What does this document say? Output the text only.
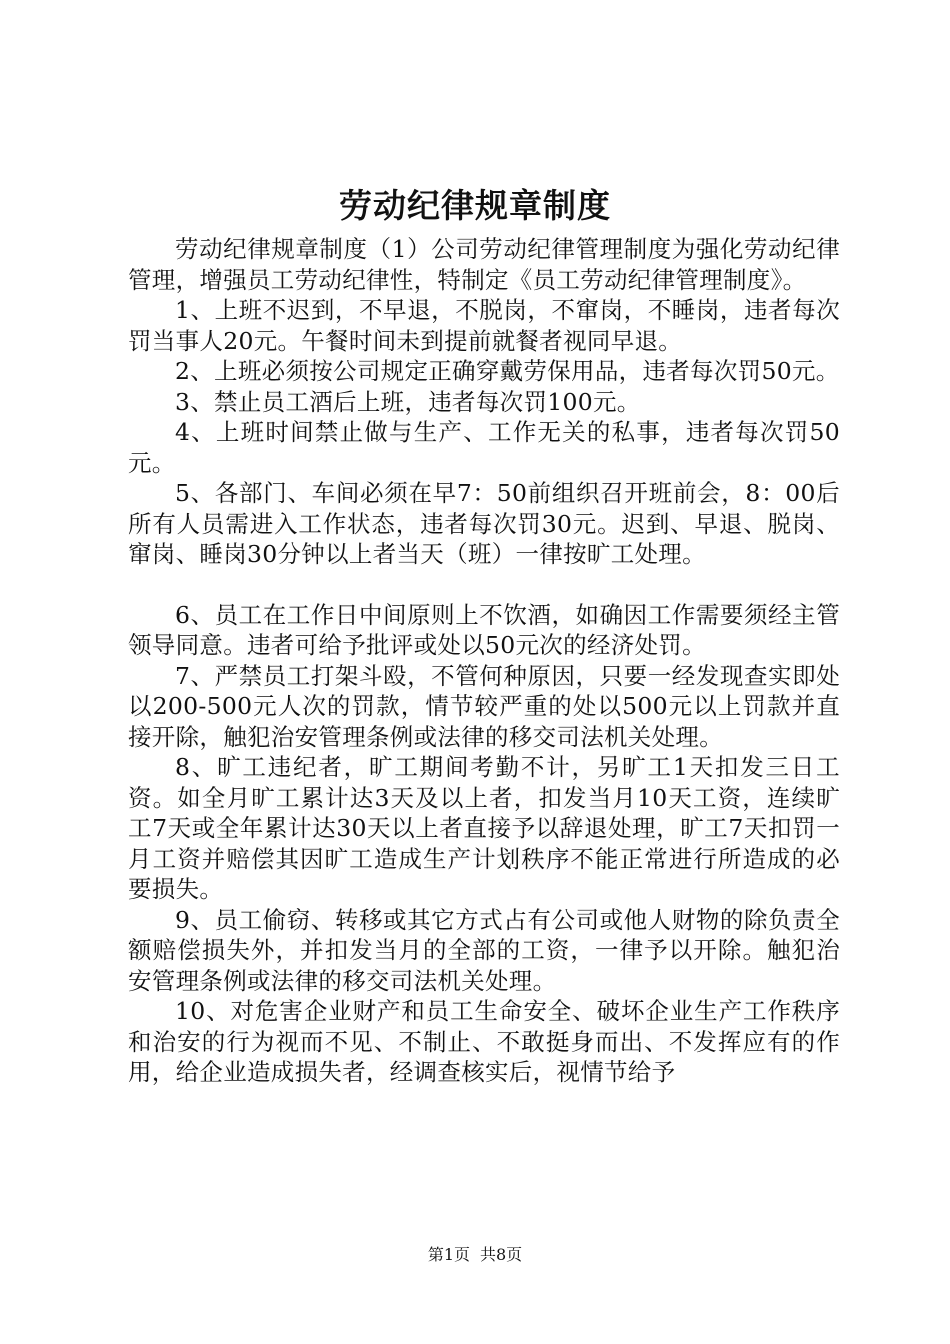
劳动纪律规章制度

劳动纪律规章制度（1）公司劳动纪律管理制度为强化劳动纪律管理，增强员工劳动纪律性，特制定《员工劳动纪律管理制度》。

1、上班不迟到，不早退，不脱岗，不窜岗，不睡岗，违者每次罚当事人20元。午餐时间未到提前就餐者视同早退。

2、上班必须按公司规定正确穿戴劳保用品，违者每次罚50元。

3、禁止员工酒后上班，违者每次罚100元。

4、上班时间禁止做与生产、工作无关的私事，违者每次罚50元。

5、各部门、车间必须在早7：50前组织召开班前会，8：00后所有人员需进入工作状态，违者每次罚30元。迟到、早退、脱岗、窜岗、睡岗30分钟以上者当天（班）一律按旷工处理。

6、员工在工作日中间原则上不饮酒，如确因工作需要须经主管领导同意。违者可给予批评或处以50元次的经济处罚。

7、严禁员工打架斗殴，不管何种原因，只要一经发现查实即处以200-500元人次的罚款，情节较严重的处以500元以上罚款并直接开除，触犯治安管理条例或法律的移交司法机关处理。

8、旷工违纪者，旷工期间考勤不计，另旷工1天扣发三日工资。如全月旷工累计达3天及以上者，扣发当月10天工资，连续旷工7天或全年累计达30天以上者直接予以辞退处理，旷工7天扣罚一月工资并赔偿其因旷工造成生产计划秩序不能正常进行所造成的必要损失。

9、员工偷窃、转移或其它方式占有公司或他人财物的除负责全额赔偿损失外，并扣发当月的全部的工资，一律予以开除。触犯治安管理条例或法律的移交司法机关处理。

10、对危害企业财产和员工生命安全、破坏企业生产工作秩序和治安的行为视而不见、不制止、不敢挺身而出、不发挥应有的作用，给企业造成损失者，经调查核实后，视情节给予

第1页 共8页
